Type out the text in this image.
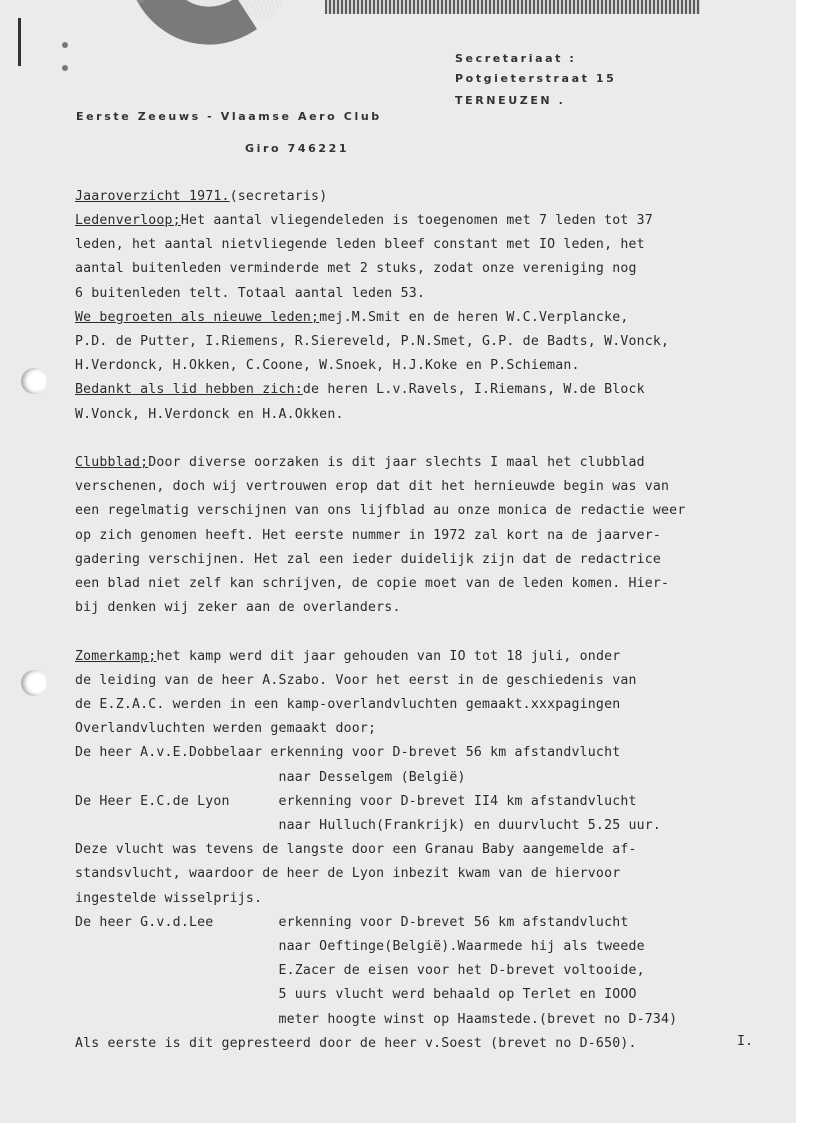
Secretariaat :
Potgieterstraat 15
TERNEUZEN .
Eerste Zeeuws - Vlaamse Aero Club
Giro 746221
Jaaroverzicht 1971.(secretaris)
Ledenverloop;Het aantal vliegendeleden is toegenomen met 7 leden tot 37
leden, het aantal nietvliegende leden bleef constant met IO leden, het
aantal buitenleden verminderde met 2 stuks, zodat onze vereniging nog
6 buitenleden telt. Totaal aantal leden 53.
We begroeten als nieuwe leden;mej.M.Smit en de heren W.C.Verplancke,
P.D. de Putter, I.Riemens, R.Siereveld, P.N.Smet, G.P. de Badts, W.Vonck,
H.Verdonck, H.Okken, C.Coone, W.Snoek, H.J.Koke en P.Schieman.
Bedankt als lid hebben zich:de heren L.v.Ravels, I.Riemans, W.de Block
W.Vonck, H.Verdonck en H.A.Okken.
Clubblad;Door diverse oorzaken is dit jaar slechts I maal het clubblad
verschenen, doch wij vertrouwen erop dat dit het hernieuwde begin was van
een regelmatig verschijnen van ons lijfblad au onze monica de redactie weer
op zich genomen heeft. Het eerste nummer in 1972 zal kort na de jaarver-
gadering verschijnen. Het zal een ieder duidelijk zijn dat de redactrice
een blad niet zelf kan schrijven, de copie moet van de leden komen. Hier-
bij denken wij zeker aan de overlanders.
Zomerkamp;het kamp werd dit jaar gehouden van IO tot 18 juli, onder
de leiding van de heer A.Szabo. Voor het eerst in de geschiedenis van
de E.Z.A.C. werden in een kamp-overlandvluchten gemaakt.xxxpagingen
Overlandvluchten werden gemaakt door;
De heer A.v.E.Dobbelaar erkenning voor D-brevet 56 km afstandvlucht
naar Desselgem (België)
De Heer E.C.de Lyon      erkenning voor D-brevet II4 km afstandvlucht
naar Hulluch(Frankrijk) en duurvlucht 5.25 uur.
Deze vlucht was tevens de langste door een Granau Baby aangemelde af-
standsvlucht, waardoor de heer de Lyon inbezit kwam van de hiervoor
ingestelde wisselprijs.
De heer G.v.d.Lee        erkenning voor D-brevet 56 km afstandvlucht
naar Oeftinge(België).Waarmede hij als tweede
E.Zacer de eisen voor het D-brevet voltooide,
5 uurs vlucht werd behaald op Terlet en IOOO
meter hoogte winst op Haamstede.(brevet no D-734)
Als eerste is dit gepresteerd door de heer v.Soest (brevet no D-650).	I.
